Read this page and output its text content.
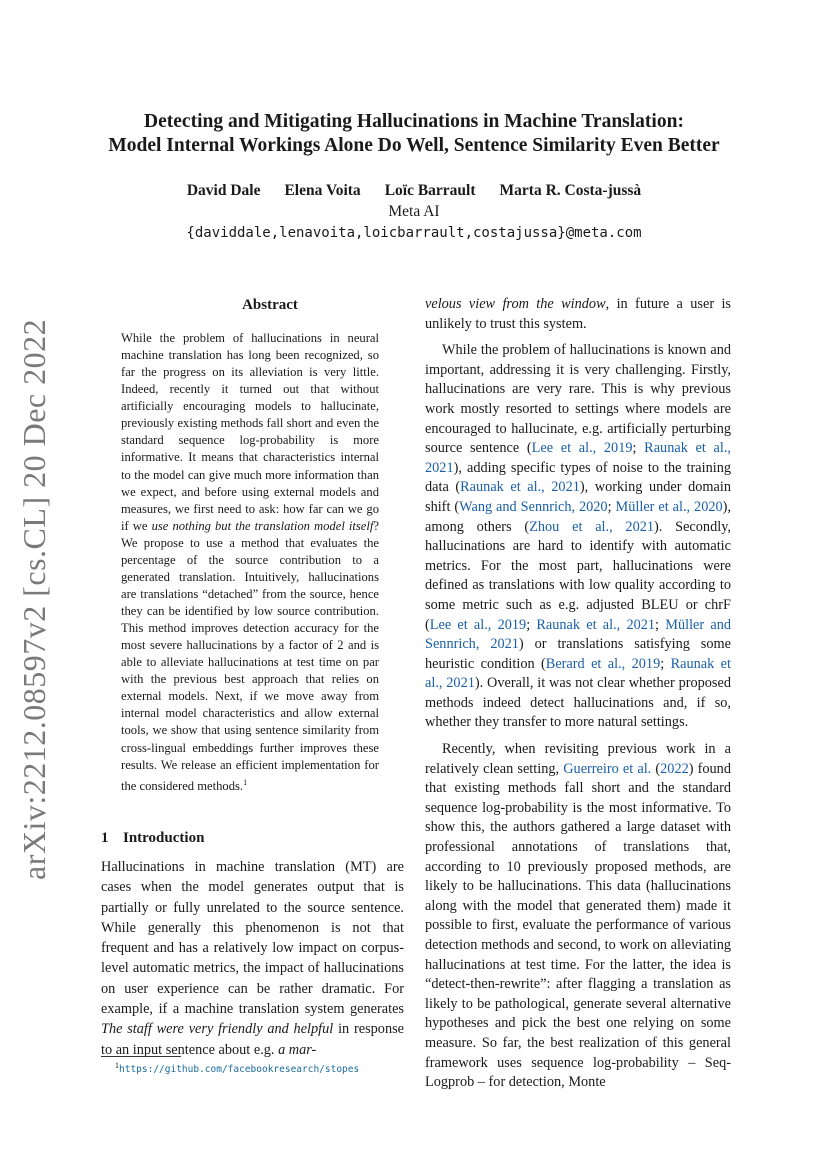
arXiv:2212.08597v2 [cs.CL] 20 Dec 2022
Detecting and Mitigating Hallucinations in Machine Translation:
Model Internal Workings Alone Do Well, Sentence Similarity Even Better
David Dale Elena Voita Loïc Barrault Marta R. Costa-jussà
Meta AI
{daviddale,lenavoita,loicbarrault,costajussa}@meta.com
Abstract
While the problem of hallucinations in neural machine translation has long been recognized, so far the progress on its alleviation is very little. Indeed, recently it turned out that without artificially encouraging models to hallucinate, previously existing methods fall short and even the standard sequence log-probability is more informative. It means that characteristics internal to the model can give much more information than we expect, and before using external models and measures, we first need to ask: how far can we go if we use nothing but the translation model itself? We propose to use a method that evaluates the percentage of the source contribution to a generated translation. Intuitively, hallucinations are translations “detached” from the source, hence they can be identified by low source contribution. This method improves detection accuracy for the most severe hallucinations by a factor of 2 and is able to alleviate hallucinations at test time on par with the previous best approach that relies on external models. Next, if we move away from internal model characteristics and allow external tools, we show that using sentence similarity from cross-lingual embeddings further improves these results. We release an efficient implementation for the considered methods.$^1$
1 Introduction
Hallucinations in machine translation (MT) are cases when the model generates output that is partially or fully unrelated to the source sentence. While generally this phenomenon is not that frequent and has a relatively low impact on corpus-level automatic metrics, the impact of hallucinations on user experience can be rather dramatic. For example, if a machine translation system generates The staff were very friendly and helpful in response to an input sentence about e.g. a mar-
$^1$https://github.com/facebookresearch/stopes

velous view from the window, in future a user is unlikely to trust this system.

While the problem of hallucinations is known and important, addressing it is very challenging. Firstly, hallucinations are very rare. This is why previous work mostly resorted to settings where models are encouraged to hallucinate, e.g. artificially perturbing source sentence (Lee et al., 2019; Raunak et al., 2021), adding specific types of noise to the training data (Raunak et al., 2021), working under domain shift (Wang and Sennrich, 2020; Müller et al., 2020), among others (Zhou et al., 2021). Secondly, hallucinations are hard to identify with automatic metrics. For the most part, hallucinations were defined as translations with low quality according to some metric such as e.g. adjusted BLEU or chrF (Lee et al., 2019; Raunak et al., 2021; Müller and Sennrich, 2021) or translations satisfying some heuristic condition (Berard et al., 2019; Raunak et al., 2021). Overall, it was not clear whether proposed methods indeed detect hallucinations and, if so, whether they transfer to more natural settings.

Recently, when revisiting previous work in a relatively clean setting, Guerreiro et al. (2022) found that existing methods fall short and the standard sequence log-probability is the most informative. To show this, the authors gathered a large dataset with professional annotations of translations that, according to 10 previously proposed methods, are likely to be hallucinations. This data (hallucinations along with the model that generated them) made it possible to first, evaluate the performance of various detection methods and second, to work on alleviating hallucinations at test time. For the latter, the idea is “detect-then-rewrite”: after flagging a translation as likely to be pathological, generate several alternative hypotheses and pick the best one relying on some measure. So far, the best realization of this general framework uses sequence log-probability – Seq-Logprob – for detection, Monte
